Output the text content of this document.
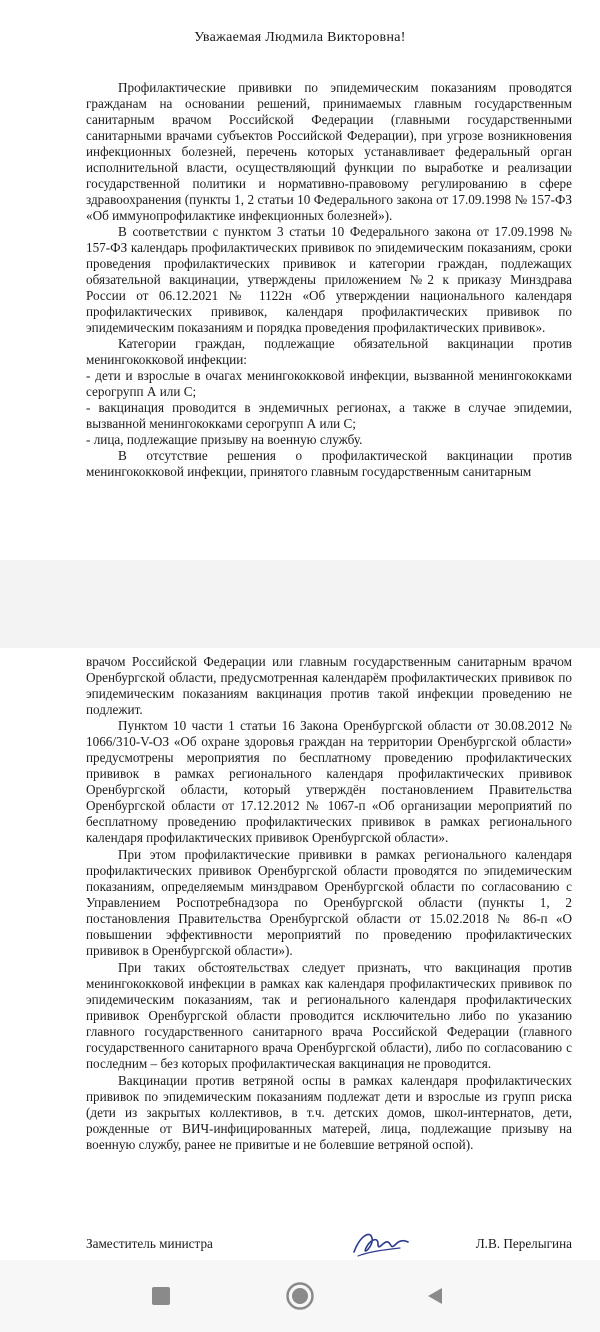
Уважаемая Людмила Викторовна!

Профилактические прививки по эпидемическим показаниям проводятся гражданам на основании решений, принимаемых главным государственным санитарным врачом Российской Федерации (главными государственными санитарными врачами субъектов Российской Федерации), при угрозе возникновения инфекционных болезней, перечень которых устанавливает федеральный орган исполнительной власти, осуществляющий функции по выработке и реализации государственной политики и нормативно-правовому регулированию в сфере здравоохранения (пункты 1, 2 статьи 10 Федерального закона от 17.09.1998 № 157-ФЗ «Об иммунопрофилактике инфекционных болезней»).

В соответствии с пунктом 3 статьи 10 Федерального закона от 17.09.1998 № 157-ФЗ календарь профилактических прививок по эпидемическим показаниям, сроки проведения профилактических прививок и категории граждан, подлежащих обязательной вакцинации, утверждены приложением №2 к приказу Минздрава России от 06.12.2021 № 1122н «Об утверждении национального календаря профилактических прививок, календаря профилактических прививок по эпидемическим показаниям и порядка проведения профилактических прививок».

Категории граждан, подлежащие обязательной вакцинации против менингококковой инфекции:

- дети и взрослые в очагах менингококковой инфекции, вызванной менингококками серогрупп А или С;

- вакцинация проводится в эндемичных регионах, а также в случае эпидемии, вызванной менингококками серогрупп А или С;

- лица, подлежащие призыву на военную службу.

В отсутствие решения о профилактической вакцинации против менингококковой инфекции, принятого главным государственным санитарным

врачом Российской Федерации или главным государственным санитарным врачом Оренбургской области, предусмотренная календарём профилактических прививок по эпидемическим показаниям вакцинация против такой инфекции проведению не подлежит.

Пунктом 10 части 1 статьи 16 Закона Оренбургской области от 30.08.2012 № 1066/310-V-ОЗ «Об охране здоровья граждан на территории Оренбургской области» предусмотрены мероприятия по бесплатному проведению профилактических прививок в рамках регионального календаря профилактических прививок Оренбургской области, который утверждён постановлением Правительства Оренбургской области от 17.12.2012 № 1067-п «Об организации мероприятий по бесплатному проведению профилактических прививок в рамках регионального календаря профилактических прививок Оренбургской области».

При этом профилактические прививки в рамках регионального календаря профилактических прививок Оренбургской области проводятся по эпидемическим показаниям, определяемым минздравом Оренбургской области по согласованию с Управлением Роспотребнадзора по Оренбургской области (пункты 1, 2 постановления Правительства Оренбургской области от 15.02.2018 № 86-п «О повышении эффективности мероприятий по проведению профилактических прививок в Оренбургской области»).

При таких обстоятельствах следует признать, что вакцинация против менингококковой инфекции в рамках как календаря профилактических прививок по эпидемическим показаниям, так и регионального календаря профилактических прививок Оренбургской области проводится исключительно либо по указанию главного государственного санитарного врача Российской Федерации (главного государственного санитарного врача Оренбургской области), либо по согласованию с последним – без которых профилактическая вакцинация не проводится.

Вакцинации против ветряной оспы в рамках календаря профилактических прививок по эпидемическим показаниям подлежат дети и взрослые из групп риска (дети из закрытых коллективов, в т.ч. детских домов, школ-интернатов, дети, рожденные от ВИЧ-инфицированных матерей, лица, подлежащие призыву на военную службу, ранее не привитые и не болевшие ветряной оспой).

Заместитель министра	Л.В. Перелыгина
